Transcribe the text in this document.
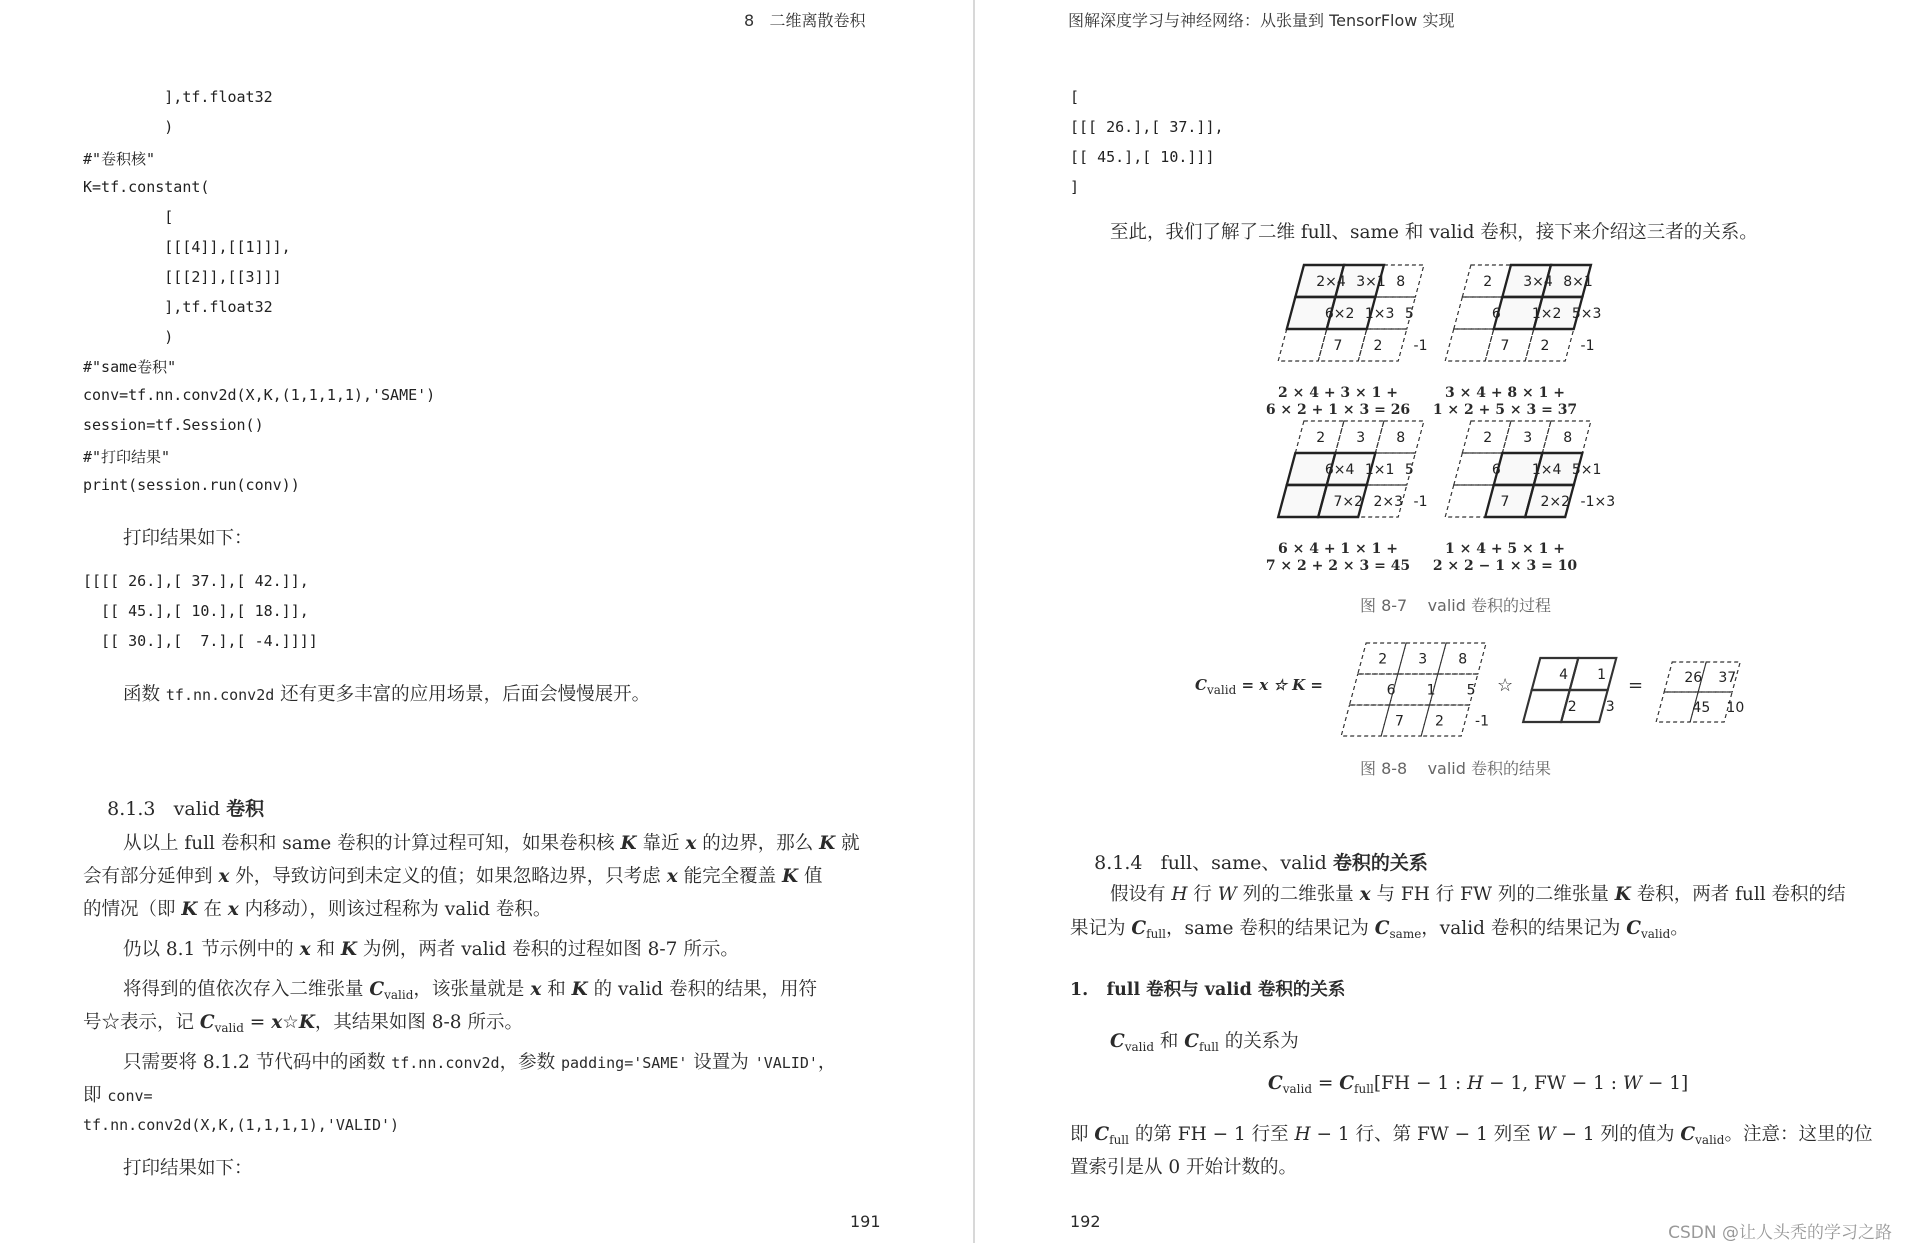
8   二维离散卷积
],tf.float32
)
#"卷积核"
K=tf.constant(
[
[[[4]],[[1]]],
[[[2]],[[3]]]
],tf.float32
)
#"same卷积"
conv=tf.nn.conv2d(X,K,(1,1,1,1),'SAME')
session=tf.Session()
#"打印结果"
print(session.run(conv))
打印结果如下：
[[[[ 26.],[ 37.],[ 42.]],
[[ 45.],[ 10.],[ 18.]],
[[ 30.],[  7.],[ -4.]]]]
函数 tf.nn.conv2d 还有更多丰富的应用场景，后面会慢慢展开。

8.1.3 valid 卷积

从以上 full 卷积和 same 卷积的计算过程可知，如果卷积核 K 靠近 x 的边界，那么 K 就
会有部分延伸到 x 外，导致访问到未定义的值；如果忽略边界，只考虑 x 能完全覆盖 K 值
的情况（即 K 在 x 内移动），则该过程称为 valid 卷积。
仍以 8.1 节示例中的 x 和 K 为例，两者 valid 卷积的过程如图 8-7 所示。
将得到的值依次存入二维张量 $C_{valid}$，该张量就是 x 和 K 的 valid 卷积的结果，用符
号☆表示，记 $C_{valid}$ = x☆K，其结果如图 8-8 所示。
只需要将 8.1.2 节代码中的函数 tf.nn.conv2d，参数 padding='SAME' 设置为 'VALID'，
即 conv=
tf.nn.conv2d(X,K,(1,1,1,1),'VALID')
打印结果如下：
191
图解深度学习与神经网络：从张量到 TensorFlow 实现
[
[[[ 26.],[ 37.]],
[[ 45.],[ 10.]]]
]
至此，我们了解了二维 full、same 和 valid 卷积，接下来介绍这三者的关系。
2×4 3×1 8
6×2 1×3 5
7 2 -1
2 × 4 + 3 × 1 +
6 × 2 + 1 × 3 = 26
2 3×4 8×1
6 1×2 5×3
7 2 -1
3 × 4 + 8 × 1 +
1 × 2 + 5 × 3 = 37
2 3 8
6×4 1×1 5
7×2 2×3 -1
6 × 4 + 1 × 1 +
7 × 2 + 2 × 3 = 45
2 3 8
6 1×4 5×1
7 2×2 -1×3
1 × 4 + 5 × 1 +
2 × 2 − 1 × 3 = 10
图 8-7    valid 卷积的过程
$C_{valid} = x$ ☆ K =
2 3 8
6 1 5
7 2 -1
4 1
2 3
26 37
45 10
☆	=
图 8-8    valid 卷积的结果

8.1.4 full、same、valid 卷积的关系

假设有 H 行 W 列的二维张量 x 与 FH 行 FW 列的二维张量 K 卷积，两者 full 卷积的结
果记为 $C_{full}$，same 卷积的结果记为 $C_{same}$，valid 卷积的结果记为 $C_{valid}$。
1.   full 卷积与 valid 卷积的关系
$C_{valid}$ 和 $C_{full}$ 的关系为
$C_{valid} = C_{full}[FH - 1$ : H − 1, FW − 1 : W − 1]
即 $C_{full}$ 的第 FH − 1 行至 H − 1 行、第 FW − 1 列至 W − 1 列的值为 $C_{valid}$。注意：这里的位
置索引是从 0 开始计数的。
192
CSDN @让人头秃的学习之路
